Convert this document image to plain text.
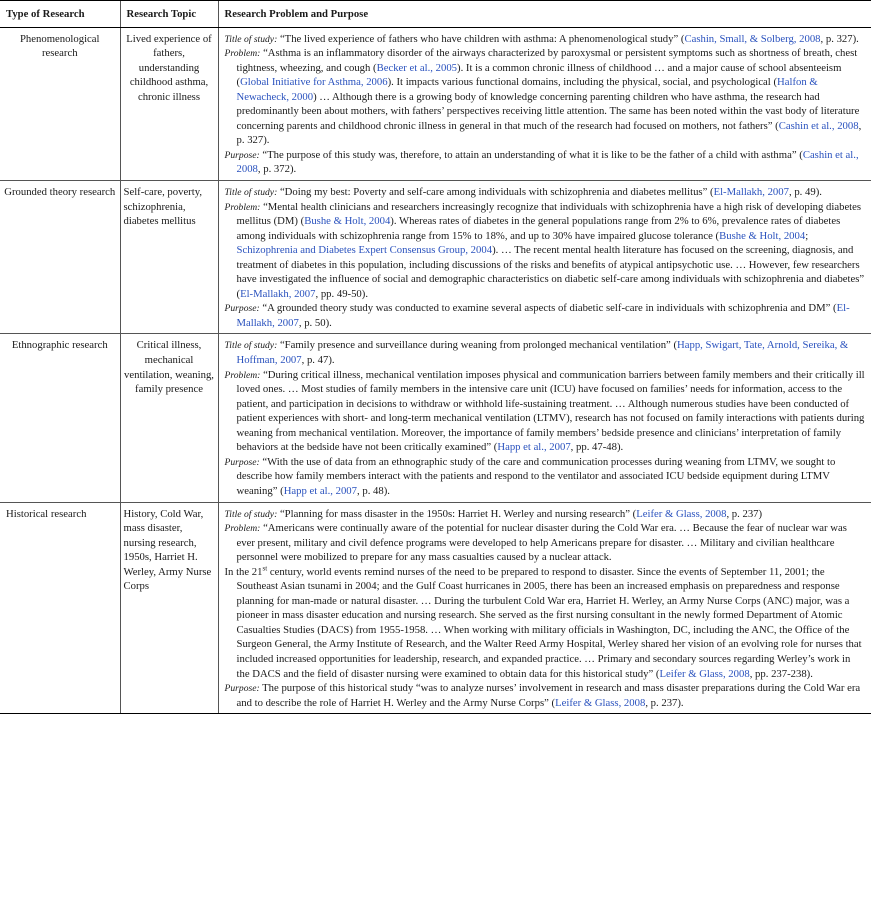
Type of Research	Research Topic	Research Problem and Purpose
Phenomenological research	Lived experience of fathers, understanding childhood asthma, chronic illness	Title of study: “The lived experience of fathers who have children with asthma: A phenomenological study” (Cashin, Small, & Solberg, 2008, p. 327).

Problem: “Asthma is an inflammatory disorder of the airways characterized by paroxysmal or persistent symptoms such as shortness of breath, chest tightness, wheezing, and cough (Becker et al., 2005). It is a common chronic illness of childhood … and a major cause of school absenteeism (Global Initiative for Asthma, 2006). It impacts various functional domains, including the physical, social, and psychological (Halfon & Newacheck, 2000) … Although there is a growing body of knowledge concerning parenting children who have asthma, the research had predominantly been about mothers, with fathers’ perspectives receiving little attention. The same has been noted within the vast body of literature concerning parents and childhood chronic illness in general in that much of the research had focused on mothers, not fathers” (Cashin et al., 2008, p. 327).

Purpose: “The purpose of this study was, therefore, to attain an understanding of what it is like to be the father of a child with asthma” (Cashin et al., 2008, p. 372).

Grounded theory research	Self-care, poverty, schizophrenia, diabetes mellitus	Title of study: “Doing my best: Poverty and self-care among individuals with schizophrenia and diabetes mellitus” (El-Mallakh, 2007, p. 49).

Problem: “Mental health clinicians and researchers increasingly recognize that individuals with schizophrenia have a high risk of developing diabetes mellitus (DM) (Bushe & Holt, 2004). Whereas rates of diabetes in the general populations range from 2% to 6%, prevalence rates of diabetes among individuals with schizophrenia range from 15% to 18%, and up to 30% have impaired glucose tolerance (Bushe & Holt, 2004; Schizophrenia and Diabetes Expert Consensus Group, 2004). … The recent mental health literature has focused on the screening, diagnosis, and treatment of diabetes in this population, including discussions of the risks and benefits of atypical antipsychotic use. … However, few researchers have investigated the influence of social and demographic characteristics on diabetic self-care among individuals with schizophrenia and diabetes” (El-Mallakh, 2007, pp. 49-50).

Purpose: “A grounded theory study was conducted to examine several aspects of diabetic self-care in individuals with schizophrenia and DM” (El-Mallakh, 2007, p. 50).

Ethnographic research	Critical illness, mechanical ventilation, weaning, family presence	Title of study: “Family presence and surveillance during weaning from prolonged mechanical ventilation” (Happ, Swigart, Tate, Arnold, Sereika, & Hoffman, 2007, p. 47).

Problem: “During critical illness, mechanical ventilation imposes physical and communication barriers between family members and their critically ill loved ones. … Most studies of family members in the intensive care unit (ICU) have focused on families’ needs for information, access to the patient, and participation in decisions to withdraw or withhold life-sustaining treatment. … Although numerous studies have been conducted of patient experiences with short- and long-term mechanical ventilation (LTMV), research has not focused on family interactions with patients during weaning from mechanical ventilation. Moreover, the importance of family members’ bedside presence and clinicians’ interpretation of family behaviors at the bedside have not been critically examined” (Happ et al., 2007, pp. 47-48).

Purpose: “With the use of data from an ethnographic study of the care and communication processes during weaning from LTMV, we sought to describe how family members interact with the patients and respond to the ventilator and associated ICU bedside equipment during LTMV weaning” (Happ et al., 2007, p. 48).

Historical research	History, Cold War, mass disaster, nursing research, 1950s, Harriet H. Werley, Army Nurse Corps	Title of study: “Planning for mass disaster in the 1950s: Harriet H. Werley and nursing research” (Leifer & Glass, 2008, p. 237)

Problem: “Americans were continually aware of the potential for nuclear disaster during the Cold War era. … Because the fear of nuclear war was ever present, military and civil defence programs were developed to help Americans prepare for disaster. … Military and civilian healthcare personnel were mobilized to prepare for any mass casualties caused by a nuclear attack.

In the 21st century, world events remind nurses of the need to be prepared to respond to disaster. Since the events of September 11, 2001; the Southeast Asian tsunami in 2004; and the Gulf Coast hurricanes in 2005, there has been an increased emphasis on preparedness and response planning for man-made or natural disaster. … During the turbulent Cold War era, Harriet H. Werley, an Army Nurse Corps (ANC) major, was a pioneer in mass disaster education and nursing research. She served as the first nursing consultant in the newly formed Department of Atomic Casualties Studies (DACS) from 1955-1958. … When working with military officials in Washington, DC, including the ANC, the Office of the Surgeon General, the Army Institute of Research, and the Walter Reed Army Hospital, Werley shared her vision of an evolving role for nurses that included increased opportunities for leadership, research, and expanded practice. … Primary and secondary sources regarding Werley’s work in the DACS and the field of disaster nursing were examined to obtain data for this historical study” (Leifer & Glass, 2008, pp. 237-238).

Purpose: The purpose of this historical study “was to analyze nurses’ involvement in research and mass disaster preparations during the Cold War era and to describe the role of Harriet H. Werley and the Army Nurse Corps” (Leifer & Glass, 2008, p. 237).
